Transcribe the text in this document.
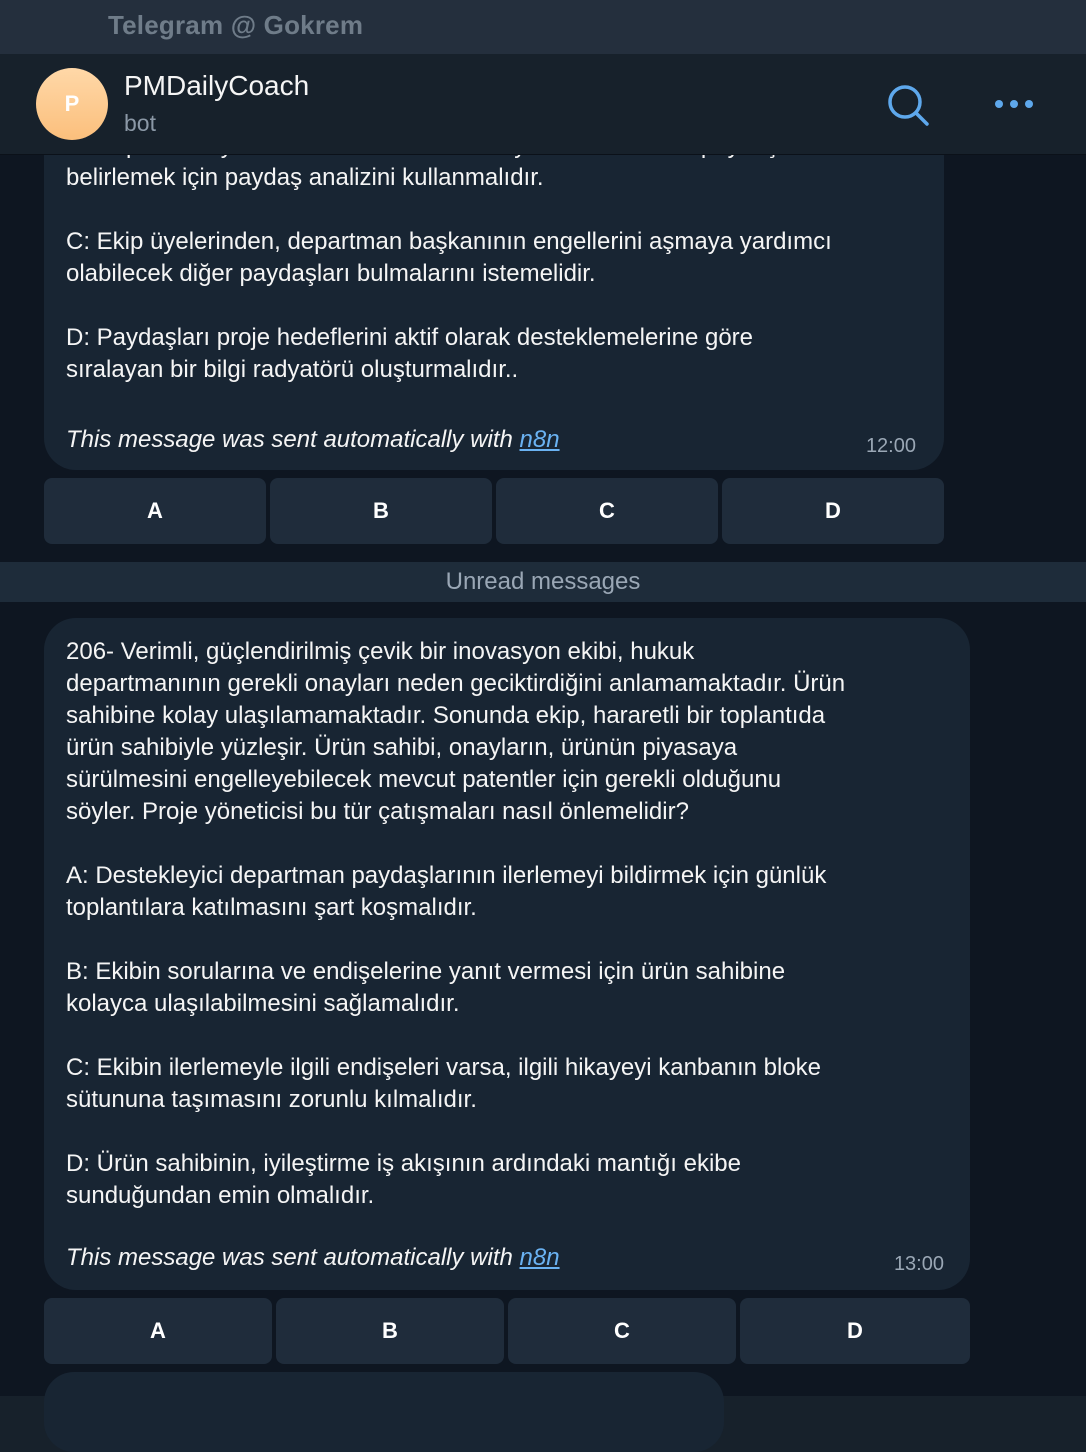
Telegram @ Gokrem
P
PMDailyCoach
bot

belirlemek için paydaş analizini kullanmalıdır.

C: Ekip üyelerinden, departman başkanının engellerini aşmaya yardımcı
olabilecek diğer paydaşları bulmalarını istemelidir.

D: Paydaşları proje hedeflerini aktif olarak desteklemelerine göre
sıralayan bir bilgi radyatörü oluşturmalıdır..

This message was sent automatically with n8n	12:00
A	B	C	D
Unread messages

206- Verimli, güçlendirilmiş çevik bir inovasyon ekibi, hukuk
departmanının gerekli onayları neden geciktirdiğini anlamamaktadır. Ürün
sahibine kolay ulaşılamamaktadır. Sonunda ekip, hararetli bir toplantıda
ürün sahibiyle yüzleşir. Ürün sahibi, onayların, ürünün piyasaya
sürülmesini engelleyebilecek mevcut patentler için gerekli olduğunu
söyler. Proje yöneticisi bu tür çatışmaları nasıl önlemelidir?

A: Destekleyici departman paydaşlarının ilerlemeyi bildirmek için günlük
toplantılara katılmasını şart koşmalıdır.

B: Ekibin sorularına ve endişelerine yanıt vermesi için ürün sahibine
kolayca ulaşılabilmesini sağlamalıdır.

C: Ekibin ilerlemeyle ilgili endişeleri varsa, ilgili hikayeyi kanbanın bloke
sütununa taşımasını zorunlu kılmalıdır.

D: Ürün sahibinin, iyileştirme iş akışının ardındaki mantığı ekibe
sunduğundan emin olmalıdır.

This message was sent automatically with n8n	13:00
A	B	C	D
